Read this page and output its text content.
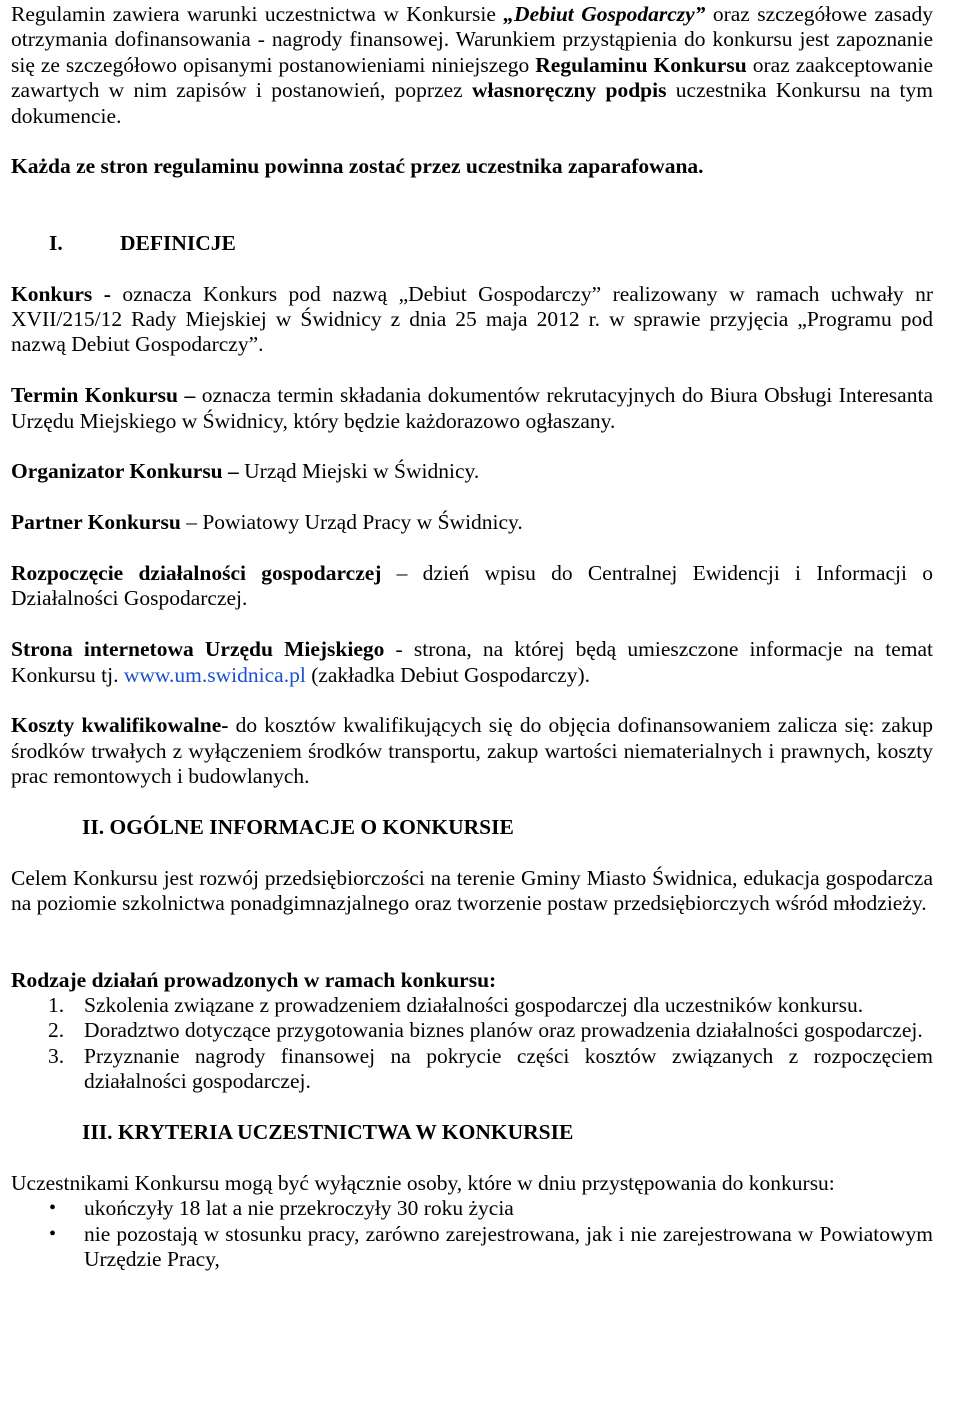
Regulamin zawiera warunki uczestnictwa w Konkursie „Debiut Gospodarczy” oraz szczegółowe zasady otrzymania dofinansowania - nagrody finansowej. Warunkiem przystąpienia do konkursu jest zapoznanie się ze szczegółowo opisanymi postanowieniami niniejszego Regulaminu Konkursu oraz zaakceptowanie zawartych w nim zapisów i postanowień, poprzez własnoręczny podpis uczestnika Konkursu na tym dokumencie.

Każda ze stron regulaminu powinna zostać przez uczestnika zaparafowana.

I.	DEFINICJE

Konkurs - oznacza Konkurs pod nazwą „Debiut Gospodarczy” realizowany w ramach uchwały nr XVII/215/12 Rady Miejskiej w Świdnicy z dnia 25 maja 2012 r. w sprawie przyjęcia „Programu pod nazwą Debiut Gospodarczy”.

Termin Konkursu – oznacza termin składania dokumentów rekrutacyjnych do Biura Obsługi Interesanta Urzędu Miejskiego w Świdnicy, który będzie każdorazowo ogłaszany.

Organizator Konkursu – Urząd Miejski w Świdnicy.

Partner Konkursu – Powiatowy Urząd Pracy w Świdnicy.

Rozpoczęcie działalności gospodarczej – dzień wpisu do Centralnej Ewidencji i Informacji o Działalności Gospodarczej.

Strona internetowa Urzędu Miejskiego - strona, na której będą umieszczone informacje na temat Konkursu tj. www.um.swidnica.pl (zakładka Debiut Gospodarczy).

Koszty kwalifikowalne- do kosztów kwalifikujących się do objęcia dofinansowaniem zalicza się: zakup środków trwałych z wyłączeniem środków transportu, zakup wartości niematerialnych i prawnych, koszty prac remontowych i budowlanych.

II. OGÓLNE INFORMACJE O KONKURSIE

Celem Konkursu jest rozwój przedsiębiorczości na terenie Gminy Miasto Świdnica, edukacja gospodarcza na poziomie szkolnictwa ponadgimnazjalnego oraz tworzenie postaw przedsiębiorczych wśród młodzieży.

Rodzaje działań prowadzonych w ramach konkursu:

1. Szkolenia związane z prowadzeniem działalności gospodarczej dla uczestników konkursu.
2. Doradztwo dotyczące przygotowania biznes planów oraz prowadzenia działalności gospodarczej.
3. Przyznanie nagrody finansowej na pokrycie części kosztów związanych z rozpoczęciem działalności gospodarczej.
III. KRYTERIA UCZESTNICTWA W KONKURSIE

Uczestnikami Konkursu mogą być wyłącznie osoby, które w dniu przystępowania do konkursu:

• ukończyły 18 lat a nie przekroczyły 30 roku życia
• nie pozostają w stosunku pracy, zarówno zarejestrowana, jak i nie zarejestrowana w Powiatowym Urzędzie Pracy,
